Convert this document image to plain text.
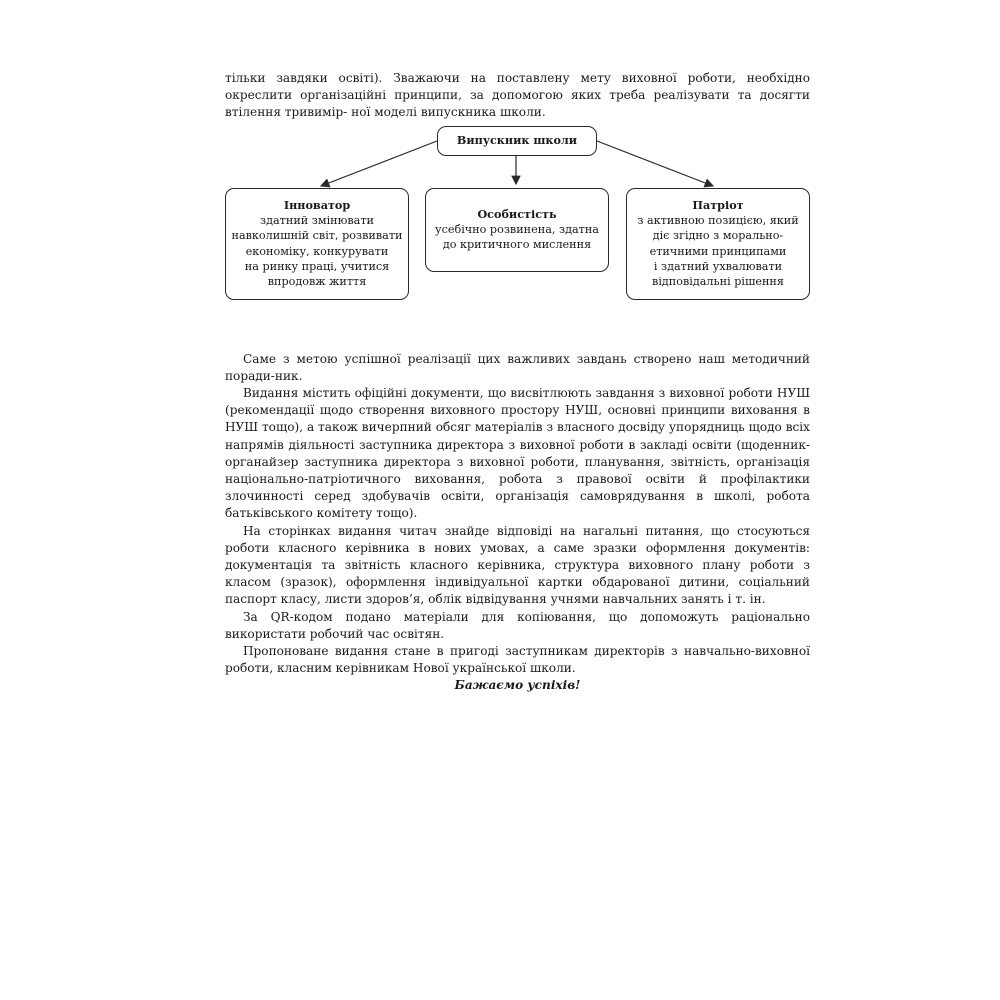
тільки завдяки освіті). Зважаючи на поставлену мету виховної роботи, необхідно окреслити організаційні принципи, за допомогою яких треба реалізувати та досягти втілення тривимір- ної моделі випускника школи.

Випускник школи
Інноватор
здатний змінювати
навколишній світ, розвивати
економіку, конкурувати
на ринку праці, учитися
впродовж життя
Особистість
усебічно розвинена, здатна
до критичного мислення
Патріот
з активною позицією, який
діє згідно з морально-
етичними принципами
і здатний ухвалювати
відповідальні рішення

Саме з метою успішної реалізації цих важливих завдань створено наш методичний поради-ник.

Видання містить офіційні документи, що висвітлюють завдання з виховної роботи НУШ (рекомендації щодо створення виховного простору НУШ, основні принципи виховання в НУШ тощо), а також вичерпний обсяг матеріалів з власного досвіду упорядниць щодо всіх напрямів діяльності заступника директора з виховної роботи в закладі освіти (щоденник-органайзер заступника директора з виховної роботи, планування, звітність, організація національно-патріотичного виховання, робота з правової освіти й профілактики злочинності серед здобувачів освіти, організація самоврядування в школі, робота батьківського комітету тощо).

На сторінках видання читач знайде відповіді на нагальні питання, що стосуються роботи класного керівника в нових умовах, а саме зразки оформлення документів: документація та звітність класного керівника, структура виховного плану роботи з класом (зразок), оформлення індивідуальної картки обдарованої дитини, соціальний паспорт класу, листи здоров’я, облік відвідування учнями навчальних занять і т. ін.

За QR-кодом подано матеріали для копіювання, що допоможуть раціонально використати робочий час освітян.

Пропоноване видання стане в пригоді заступникам директорів з навчально-виховної роботи, класним керівникам Нової української школи.

Бажаємо успіхів!
